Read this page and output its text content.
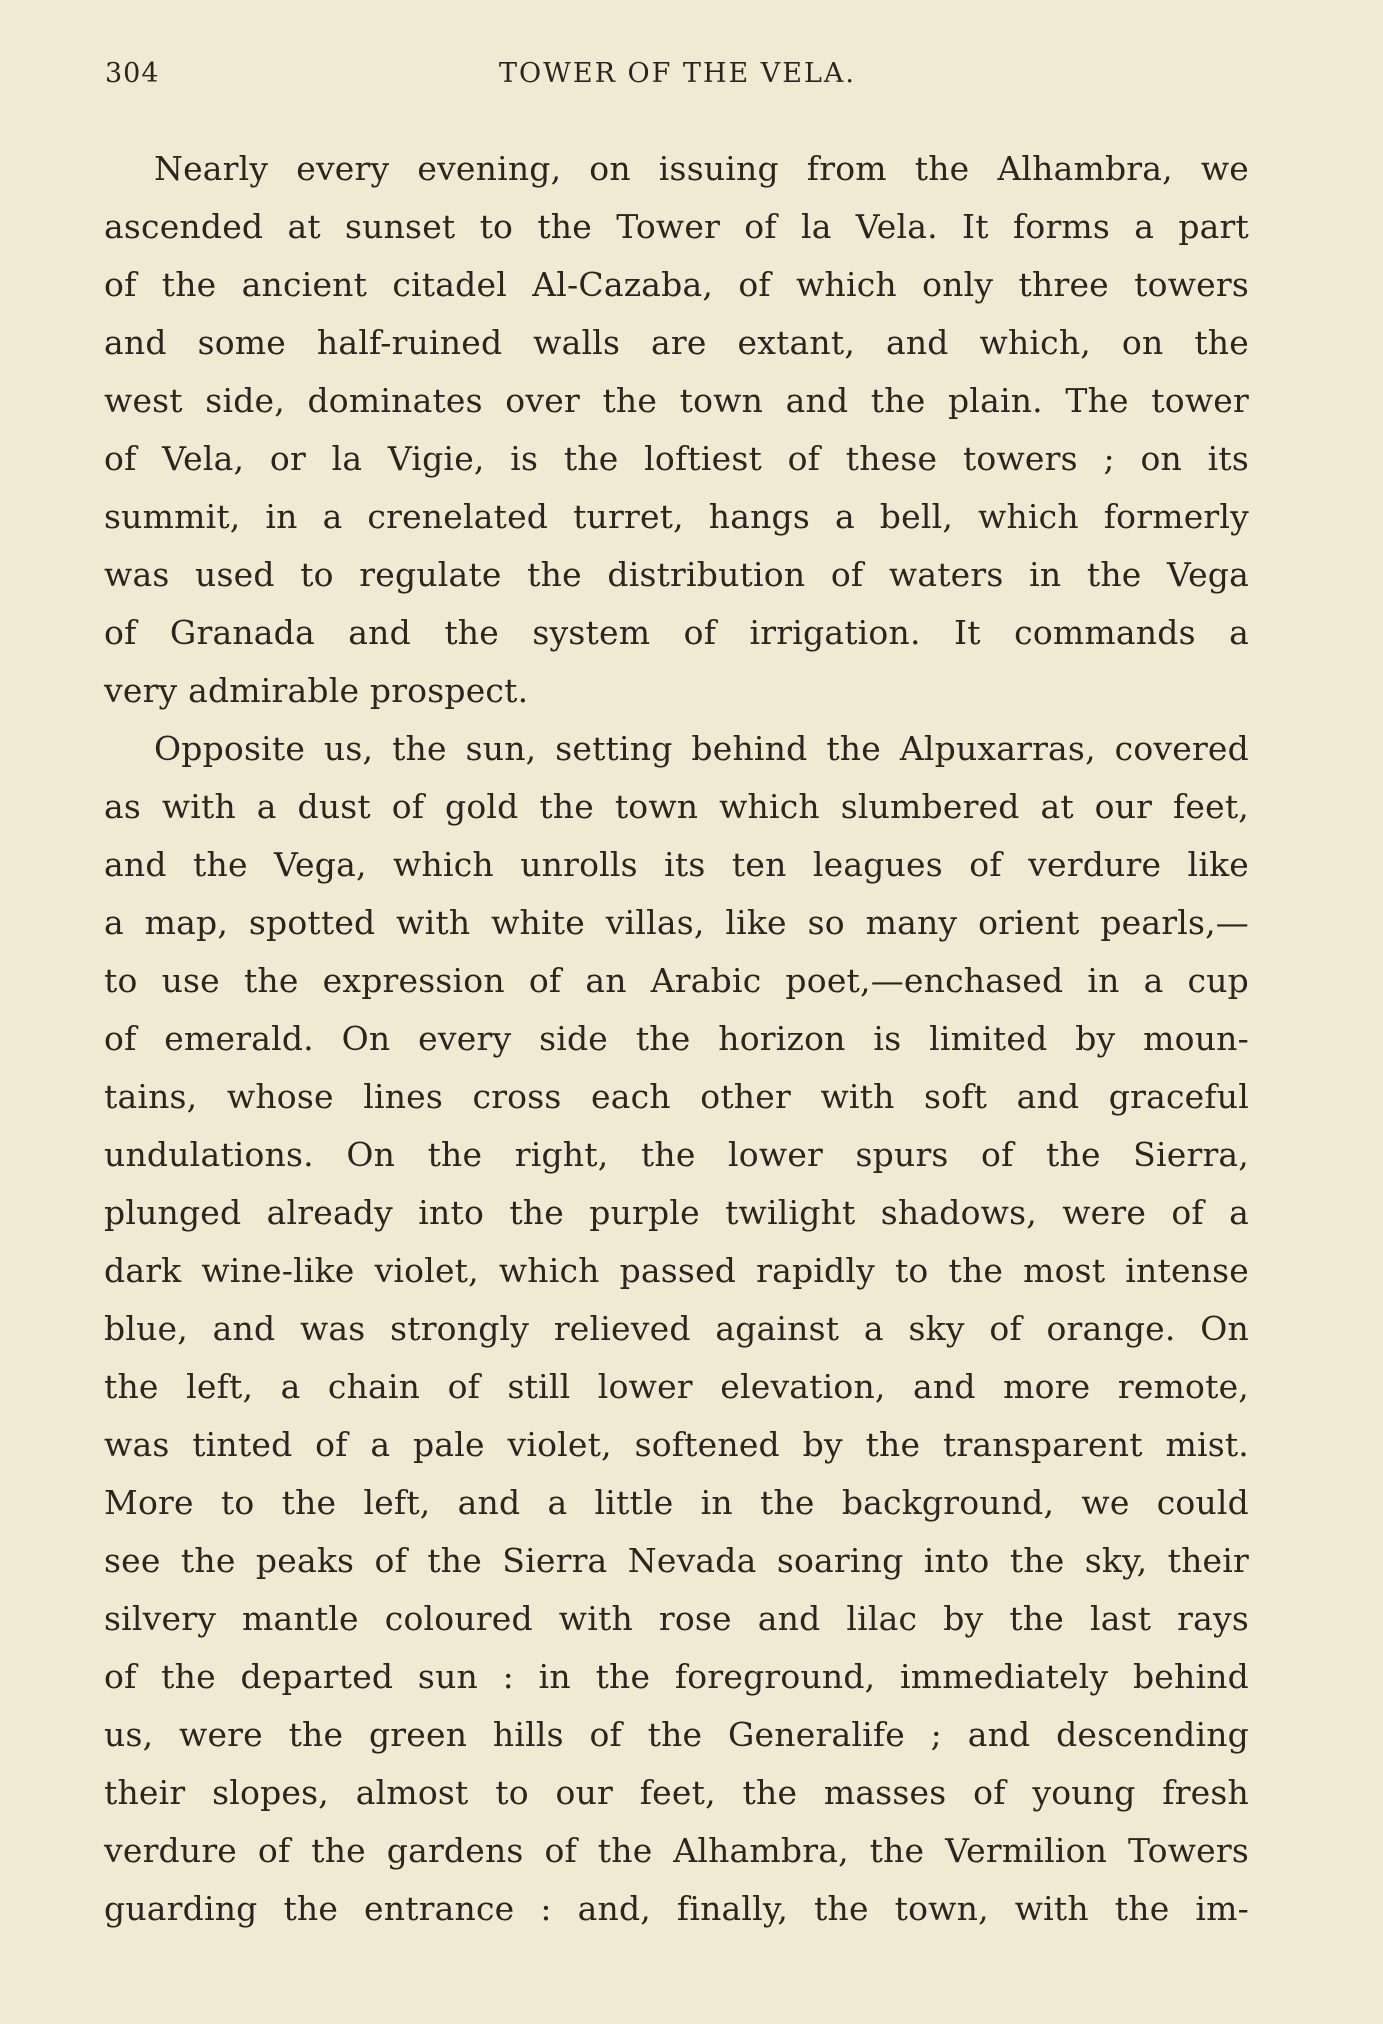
304	TOWER OF THE VELA.
Nearly every evening, on issuing from the Alhambra, we
ascended at sunset to the Tower of la Vela. It forms a part
of the ancient citadel Al-Cazaba, of which only three towers
and some half-ruined walls are extant, and which, on the
west side, dominates over the town and the plain. The tower
of Vela, or la Vigie, is the loftiest of these towers ; on its
summit, in a crenelated turret, hangs a bell, which formerly
was used to regulate the distribution of waters in the Vega
of Granada and the system of irrigation. It commands a
very admirable prospect.
Opposite us, the sun, setting behind the Alpuxarras, covered
as with a dust of gold the town which slumbered at our feet,
and the Vega, which unrolls its ten leagues of verdure like
a map, spotted with white villas, like so many orient pearls,—
to use the expression of an Arabic poet,—enchased in a cup
of emerald. On every side the horizon is limited by moun-
tains, whose lines cross each other with soft and graceful
undulations. On the right, the lower spurs of the Sierra,
plunged already into the purple twilight shadows, were of a
dark wine-like violet, which passed rapidly to the most intense
blue, and was strongly relieved against a sky of orange. On
the left, a chain of still lower elevation, and more remote,
was tinted of a pale violet, softened by the transparent mist.
More to the left, and a little in the background, we could
see the peaks of the Sierra Nevada soaring into the sky, their
silvery mantle coloured with rose and lilac by the last rays
of the departed sun : in the foreground, immediately behind
us, were the green hills of the Generalife ; and descending
their slopes, almost to our feet, the masses of young fresh
verdure of the gardens of the Alhambra, the Vermilion Towers
guarding the entrance : and, finally, the town, with the im-
